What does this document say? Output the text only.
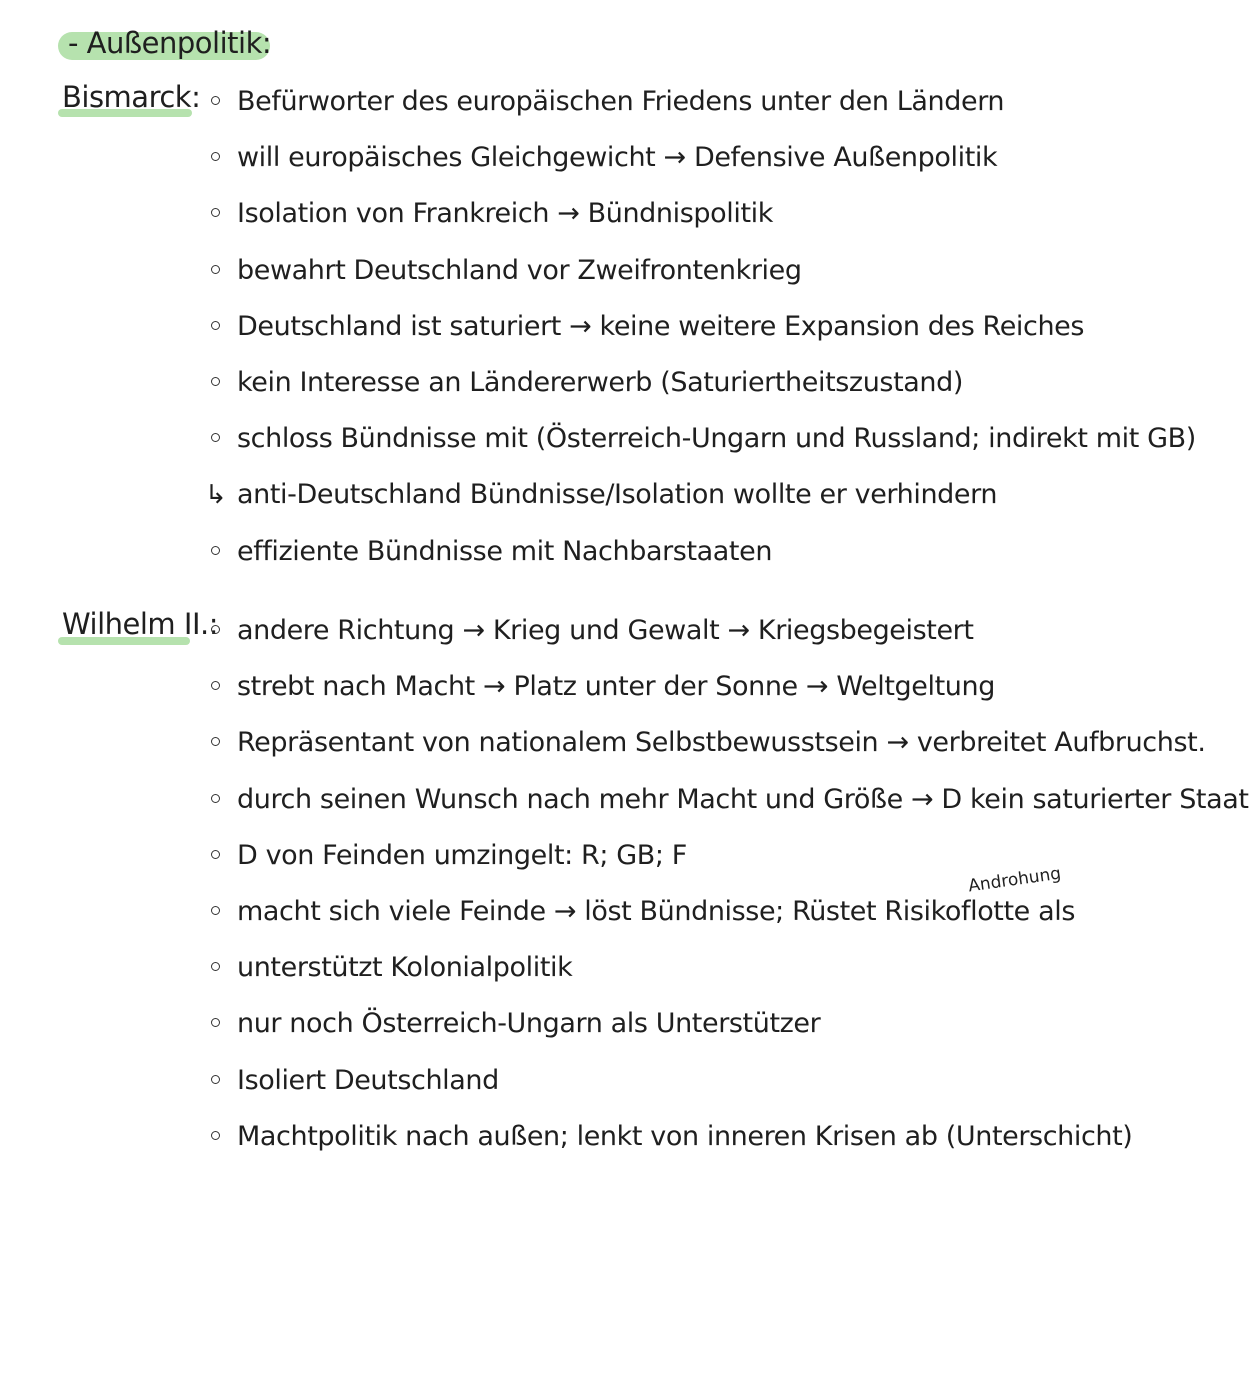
- Außenpolitik:
Bismarck: Befürworter des europäischen Friedens unter den Ländern
will europäisches Gleichgewicht → Defensive Außenpolitik
Isolation von Frankreich → Bündnispolitik
bewahrt Deutschland vor Zweifrontenkrieg
Deutschland ist saturiert → keine weitere Expansion des Reiches
kein Interesse an Ländererwerb (Saturiertheitszustand)
schloss Bündnisse mit (Österreich-Ungarn und Russland; indirekt mit GB)
↳ anti-Deutschland Bündnisse/Isolation wollte er verhindern
effiziente Bündnisse mit Nachbarstaaten
Wilhelm II.: andere Richtung → Krieg und Gewalt → Kriegsbegeistert
strebt nach Macht → Platz unter der Sonne → Weltgeltung
Repräsentant von nationalem Selbstbewusstsein → verbreitet Aufbruchst.
durch seinen Wunsch nach mehr Macht und Größe → D kein saturierter Staat
D von Feinden umzingelt: R; GB; F
macht sich viele Feinde → löst Bündnisse; Rüstet Risikoflotte als
unterstützt Kolonialpolitik
nur noch Österreich-Ungarn als Unterstützer
Isoliert Deutschland
Machtpolitik nach außen; lenkt von inneren Krisen ab (Unterschicht)
Androhung
